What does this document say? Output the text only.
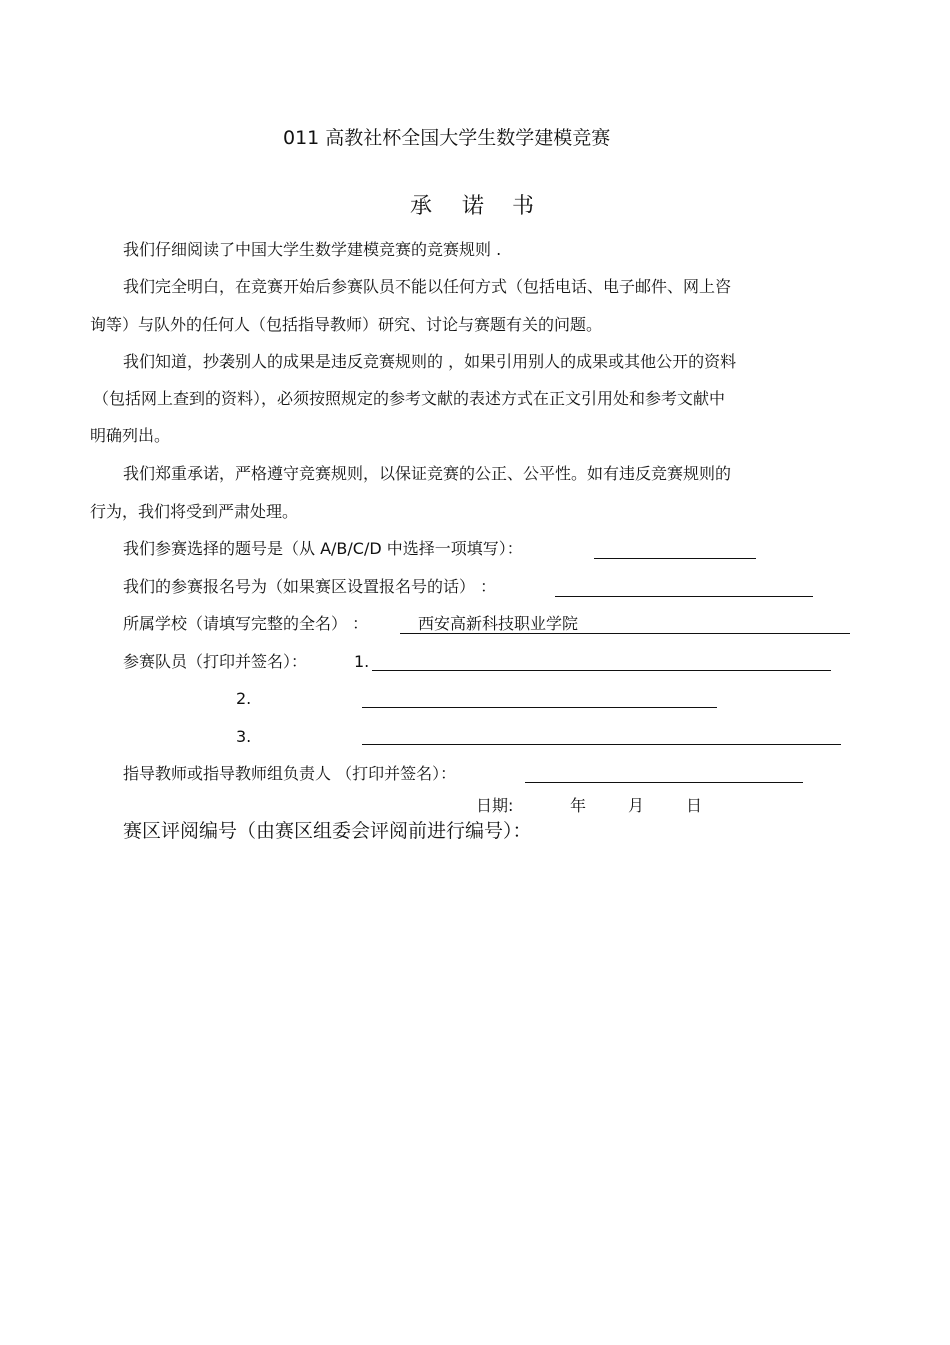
011 高教社杯全国大学生数学建模竞赛
承 诺 书
我们仔细阅读了中国大学生数学建模竞赛的竞赛规则 .
我们完全明白，在竞赛开始后参赛队员不能以任何方式（包括电话、电子邮件、网上咨
询等）与队外的任何人（包括指导教师）研究、讨论与赛题有关的问题。
我们知道，抄袭别人的成果是违反竞赛规则的 ，如果引用别人的成果或其他公开的资料
（包括网上查到的资料），必须按照规定的参考文献的表述方式在正文引用处和参考文献中
明确列出。
我们郑重承诺，严格遵守竞赛规则，以保证竞赛的公正、公平性。如有违反竞赛规则的
行为，我们将受到严肃处理。
我们参赛选择的题号是（从 A/B/C/D 中选择一项填写）：
我们的参赛报名号为（如果赛区设置报名号的话） ：
所属学校（请填写完整的全名） ：	西安高新科技职业学院
参赛队员（打印并签名）：	1.
2.
3.
指导教师或指导教师组负责人 （打印并签名）：
日期:	年	月	日
赛区评阅编号（由赛区组委会评阅前进行编号）：
